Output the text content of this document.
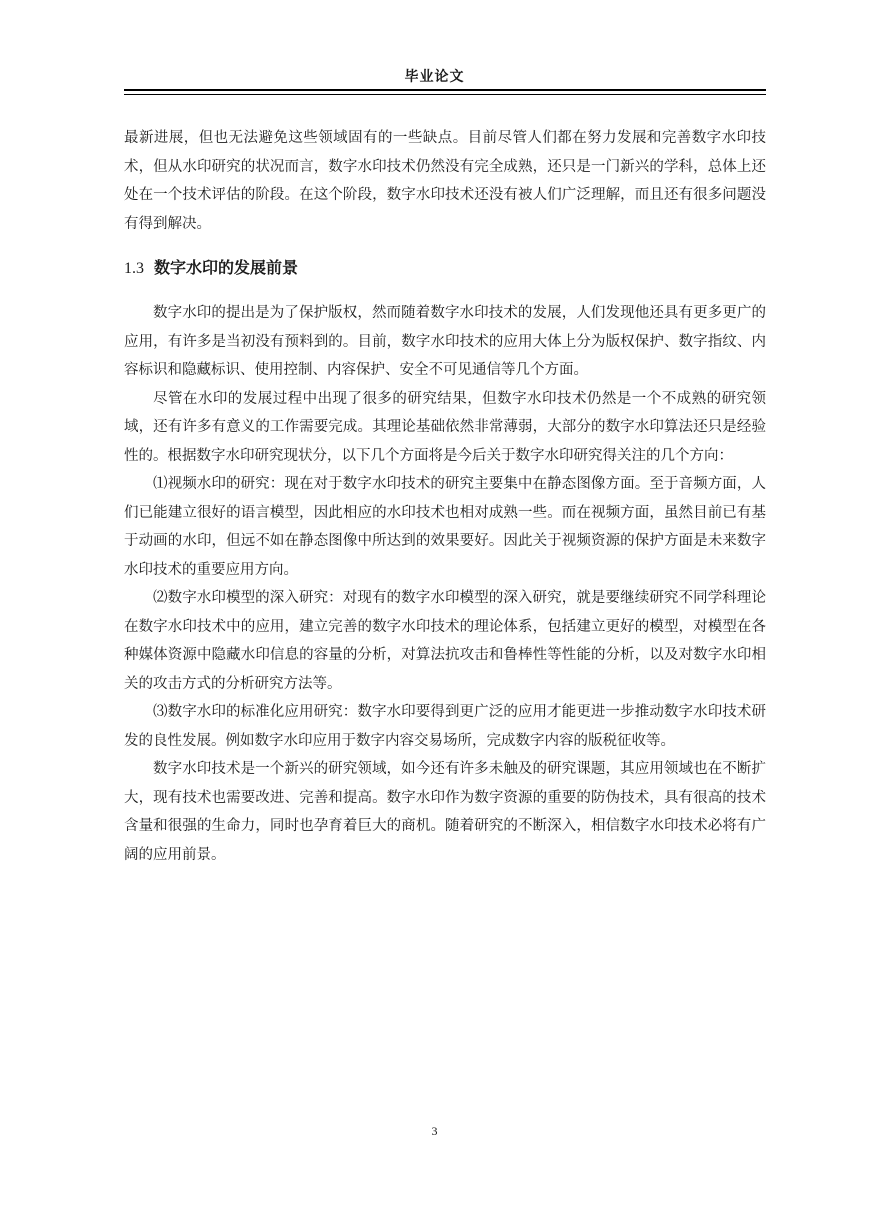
毕业论文

最新进展，但也无法避免这些领域固有的一些缺点。目前尽管人们都在努力发展和完善数字水印技术，但从水印研究的状况而言，数字水印技术仍然没有完全成熟，还只是一门新兴的学科，总体上还处在一个技术评估的阶段。在这个阶段，数字水印技术还没有被人们广泛理解，而且还有很多问题没有得到解决。

1.3 数字水印的发展前景

数字水印的提出是为了保护版权，然而随着数字水印技术的发展，人们发现他还具有更多更广的应用，有许多是当初没有预料到的。目前，数字水印技术的应用大体上分为版权保护、数字指纹、内容标识和隐藏标识、使用控制、内容保护、安全不可见通信等几个方面。

尽管在水印的发展过程中出现了很多的研究结果，但数字水印技术仍然是一个不成熟的研究领域，还有许多有意义的工作需要完成。其理论基础依然非常薄弱，大部分的数字水印算法还只是经验性的。根据数字水印研究现状分，以下几个方面将是今后关于数字水印研究得关注的几个方向：

⑴视频水印的研究：现在对于数字水印技术的研究主要集中在静态图像方面。至于音频方面，人们已能建立很好的语言模型，因此相应的水印技术也相对成熟一些。而在视频方面，虽然目前已有基于动画的水印，但远不如在静态图像中所达到的效果要好。因此关于视频资源的保护方面是未来数字水印技术的重要应用方向。

⑵数字水印模型的深入研究：对现有的数字水印模型的深入研究，就是要继续研究不同学科理论在数字水印技术中的应用，建立完善的数字水印技术的理论体系，包括建立更好的模型，对模型在各种媒体资源中隐藏水印信息的容量的分析，对算法抗攻击和鲁棒性等性能的分析，以及对数字水印相关的攻击方式的分析研究方法等。

⑶数字水印的标准化应用研究：数字水印要得到更广泛的应用才能更进一步推动数字水印技术研发的良性发展。例如数字水印应用于数字内容交易场所，完成数字内容的版税征收等。

数字水印技术是一个新兴的研究领域，如今还有许多未触及的研究课题，其应用领域也在不断扩大，现有技术也需要改进、完善和提高。数字水印作为数字资源的重要的防伪技术，具有很高的技术含量和很强的生命力，同时也孕育着巨大的商机。随着研究的不断深入，相信数字水印技术必将有广阔的应用前景。

3
